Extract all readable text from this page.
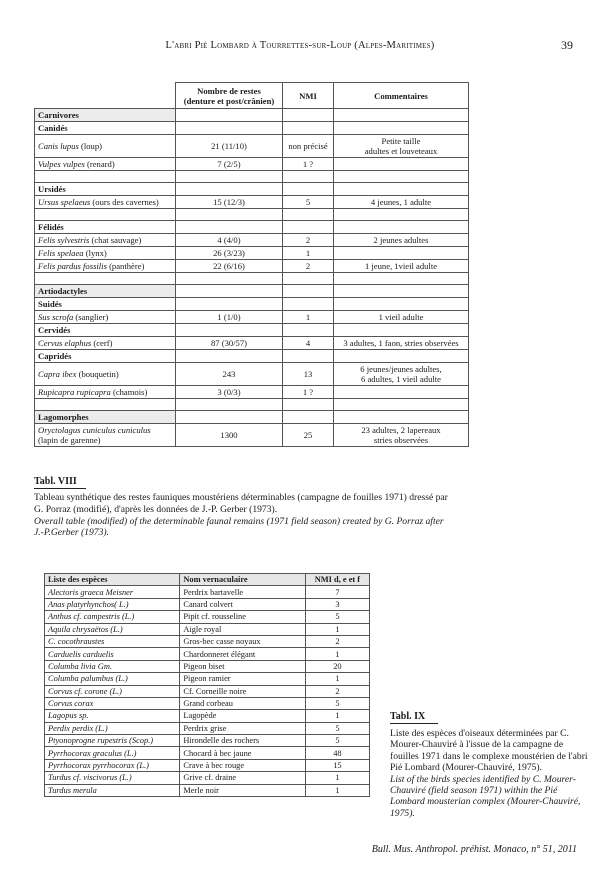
L'abri Pié Lombard à Tourrettes-sur-Loup (Alpes-Maritimes)	39
	Nombre de restes
(denture et post/crânien)	NMI	Commentaires
Carnivores			
Canidés			
Canis lupus (loup)	21 (11/10)	non précisé	Petite taille
adultes et louveteaux
Vulpes vulpes (renard)	7 (2/5)	1 ?	

Ursidés			
Ursus spelaeus (ours des cavernes)	15 (12/3)	5	4 jeunes, 1 adulte

Félidés			
Felis sylvestris (chat sauvage)	4 (4/0)	2	2 jeunes adultes
Felis spelaea (lynx)	26 (3/23)	1	
Felis pardus fossilis (panthère)	22 (6/16)	2	1 jeune, 1vieil adulte

Artiodactyles			
Suidés			
Sus scrofa (sanglier)	1 (1/0)	1	1 vieil adulte
Cervidés			
Cervus elaphus (cerf)	87 (30/57)	4	3 adultes, 1 faon, stries observées
Capridés			
Capra ibex (bouquetin)	243	13	6 jeunes/jeunes adultes,
6 adultes, 1 vieil adulte
Rupicapra rupicapra (chamois)	3 (0/3)	1 ?	

Lagomorphes			
Oryctolagus cuniculus cuniculus
(lapin de garenne)	1300	25	23 adultes, 2 lapereaux
stries observées
Tabl. VIII
Tableau synthétique des restes fauniques moustériens déterminables (campagne de fouilles 1971) dressé par G. Porraz (modifié), d'après les données de J.-P. Gerber (1973).
Overall table (modified) of the determinable faunal remains (1971 field season) created by G. Porraz after J.-P.Gerber (1973).
Liste des espèces	Nom vernaculaire	NMI d, e et f
Alectoris graeca Meisner	Perdrix bartavelle	7
Anas platyrhynchos( L.)	Canard colvert	3
Anthus cf. campestris (L.)	Pipit cf. rousseline	5
Aquila chrysaëtos (L.)	Aigle royal	1
C. cocothraustes	Gros-bec casse noyaux	2
Carduelis carduelis	Chardonneret élégant	1
Columba livia Gm.	Pigeon biset	20
Columba palumbus (L.)	Pigeon ramier	1
Corvus cf. corone (L.)	Cf. Corneille noire	2
Corvus corax	Grand corbeau	5
Lagopus sp.	Lagopède	1
Perdix perdix (L.)	Perdrix grise	5
Ptyonoprogne rupestris (Scop.)	Hirondelle des rochers	5
Pyrrhocorax graculus (L.)	Chocard à bec jaune	48
Pyrrhocorax pyrrhocorax (L.)	Crave à bec rouge	15
Turdus cf. viscivorus (L.)	Grive cf. draine	1
Turdus merula	Merle noir	1
Tabl. IX
Liste des espèces d'oiseaux déterminées par C. Mourer-Chauviré à l'issue de la campagne de fouilles 1971 dans le complexe moustérien de l'abri Pié Lombard (Mourer-Chauviré, 1975).
List of the birds species identified by C. Mourer-Chauviré (field season 1971) within the Pié Lombard mousterian complex (Mourer-Chauviré, 1975).
Bull. Mus. Anthropol. préhist. Monaco, n° 51, 2011
